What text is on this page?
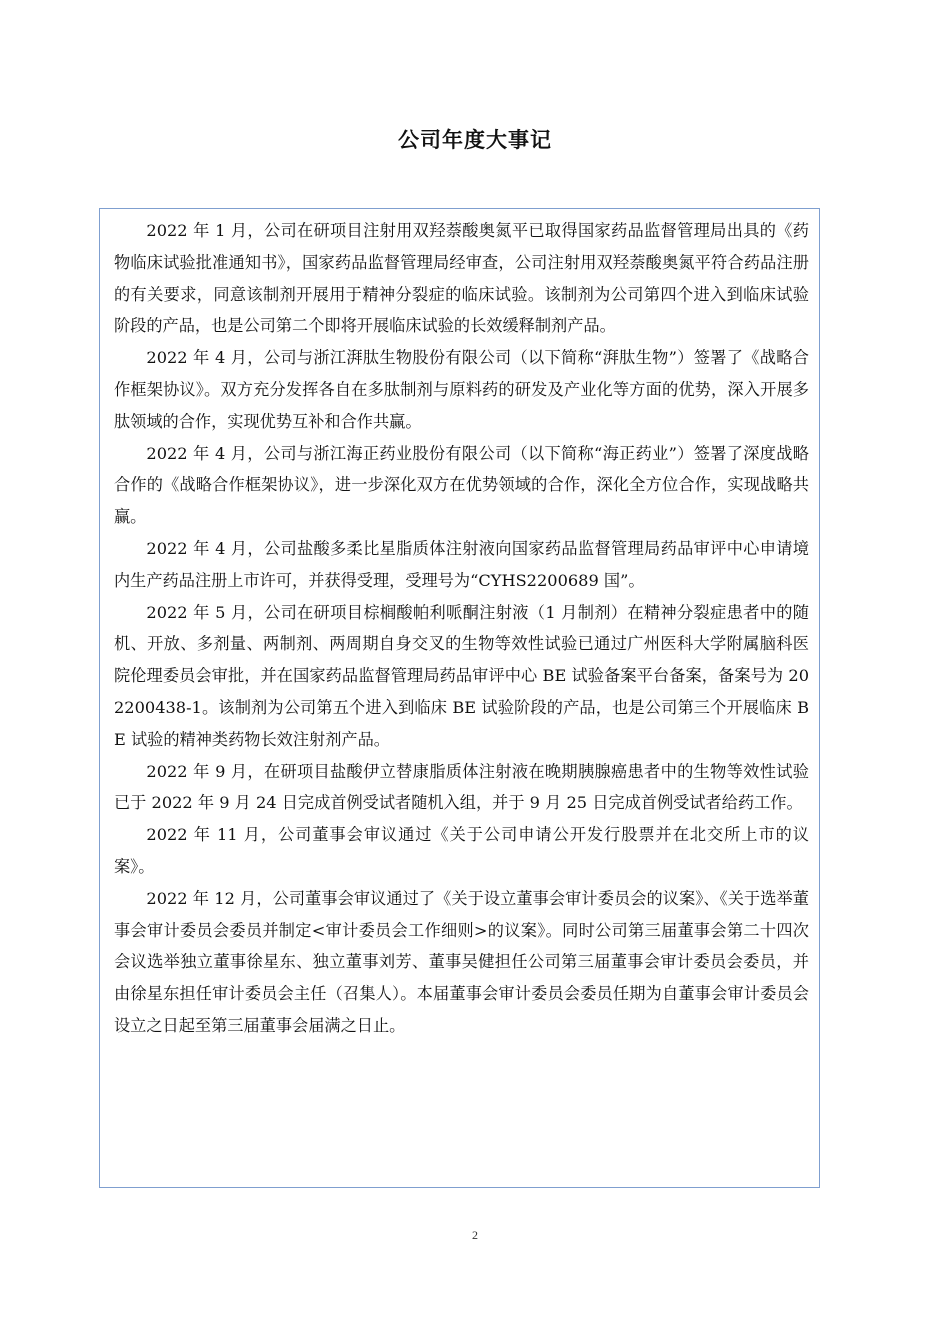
公司年度大事记

2022 年 1 月，公司在研项目注射用双羟萘酸奥氮平已取得国家药品监督管理局出具的《药物临床试验批准通知书》，国家药品监督管理局经审查，公司注射用双羟萘酸奥氮平符合药品注册的有关要求，同意该制剂开展用于精神分裂症的临床试验。该制剂为公司第四个进入到临床试验阶段的产品，也是公司第二个即将开展临床试验的长效缓释制剂产品。

2022 年 4 月，公司与浙江湃肽生物股份有限公司（以下简称“湃肽生物”）签署了《战略合作框架协议》。双方充分发挥各自在多肽制剂与原料药的研发及产业化等方面的优势，深入开展多肽领域的合作，实现优势互补和合作共赢。

2022 年 4 月，公司与浙江海正药业股份有限公司（以下简称“海正药业”）签署了深度战略合作的《战略合作框架协议》，进一步深化双方在优势领域的合作，深化全方位合作，实现战略共赢。

2022 年 4 月，公司盐酸多柔比星脂质体注射液向国家药品监督管理局药品审评中心申请境内生产药品注册上市许可，并获得受理，受理号为“CYHS2200689 国”。

2022 年 5 月，公司在研项目棕榈酸帕利哌酮注射液（1 月制剂）在精神分裂症患者中的随机、开放、多剂量、两制剂、两周期自身交叉的生物等效性试验已通过广州医科大学附属脑科医院伦理委员会审批，并在国家药品监督管理局药品审评中心 BE 试验备案平台备案，备案号为 202200438-1。该制剂为公司第五个进入到临床 BE 试验阶段的产品，也是公司第三个开展临床 BE 试验的精神类药物长效注射剂产品。

2022 年 9 月，在研项目盐酸伊立替康脂质体注射液在晚期胰腺癌患者中的生物等效性试验已于 2022 年 9 月 24 日完成首例受试者随机入组，并于 9 月 25 日完成首例受试者给药工作。

2022 年 11 月，公司董事会审议通过《关于公司申请公开发行股票并在北交所上市的议案》。

2022 年 12 月，公司董事会审议通过了《关于设立董事会审计委员会的议案》、《关于选举董事会审计委员会委员并制定<审计委员会工作细则>的议案》。同时公司第三届董事会第二十四次会议选举独立董事徐星东、独立董事刘芳、董事吴健担任公司第三届董事会审计委员会委员，并由徐星东担任审计委员会主任（召集人）。本届董事会审计委员会委员任期为自董事会审计委员会设立之日起至第三届董事会届满之日止。

2
